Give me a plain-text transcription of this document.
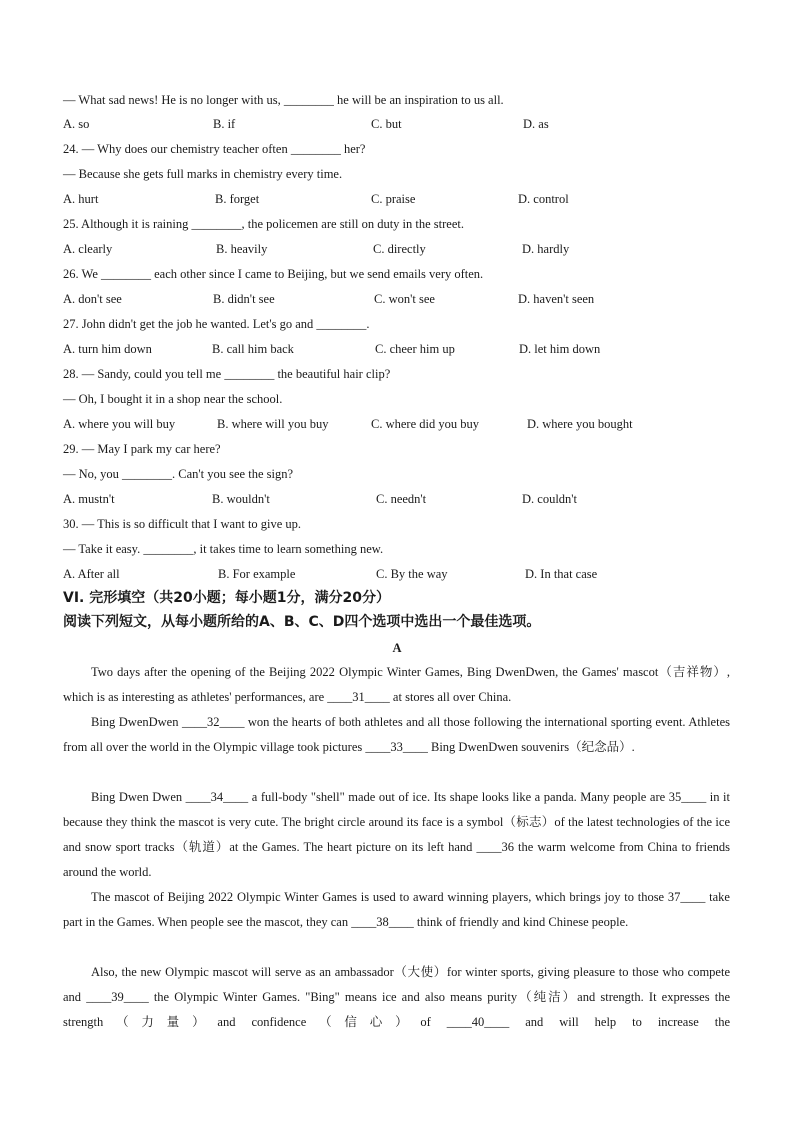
— What sad news! He is no longer with us, ________ he will be an inspiration to us all.
A. so	B. if	C. but	D. as
24. — Why does our chemistry teacher often ________ her?
— Because she gets full marks in chemistry every time.
A. hurt	B. forget	C. praise	D. control
25. Although it is raining ________, the policemen are still on duty in the street.
A. clearly	B. heavily	C. directly	D. hardly
26. We ________ each other since I came to Beijing, but we send emails very often.
A. don't see	B. didn't see	C. won't see	D. haven't seen
27. John didn't get the job he wanted. Let's go and ________.
A. turn him down	B. call him back	C. cheer him up	D. let him down
28. — Sandy, could you tell me ________ the beautiful hair clip?
— Oh, I bought it in a shop near the school.
A. where you will buy	B. where will you buy	C. where did you buy	D. where you bought
29. — May I park my car here?
— No, you ________. Can't you see the sign?
A. mustn't	B. wouldn't	C. needn't	D. couldn't
30. — This is so difficult that I want to give up.
— Take it easy. ________, it takes time to learn something new.
A. After all	B. For example	C. By the way	D. In that case
VI. 完形填空（共20小题；每小题1分，满分20分）
阅读下列短文，从每小题所给的A、B、C、D四个选项中选出一个最佳选项。
A
Two days after the opening of the Beijing 2022 Olympic Winter Games, Bing DwenDwen, the Games' mascot（吉祥物）, which is as interesting as athletes' performances, are ____31____ at stores all over China.
Bing DwenDwen ____32____ won the hearts of both athletes and all those following the international sporting event. Athletes from all over the world in the Olympic village took pictures ____33____ Bing DwenDwen souvenirs（纪念品）.
Bing Dwen Dwen ____34____ a full-body "shell" made out of ice. Its shape looks like a panda. Many people are 35____ in it because they think the mascot is very cute. The bright circle around its face is a symbol（标志）of the latest technologies of the ice and snow sport tracks（轨道）at the Games. The heart picture on its left hand ____36 the warm welcome from China to friends around the world.
The mascot of Beijing 2022 Olympic Winter Games is used to award winning players, which brings joy to those 37____ take part in the Games. When people see the mascot, they can ____38____ think of friendly and kind Chinese people.
Also, the new Olympic mascot will serve as an ambassador（大使）for winter sports, giving pleasure to those who compete and ____39____ the Olympic Winter Games. "Bing" means ice and also means purity（纯洁）and strength. It expresses the strength（力量）and confidence（信心）of ____40____ and will help to increase the
